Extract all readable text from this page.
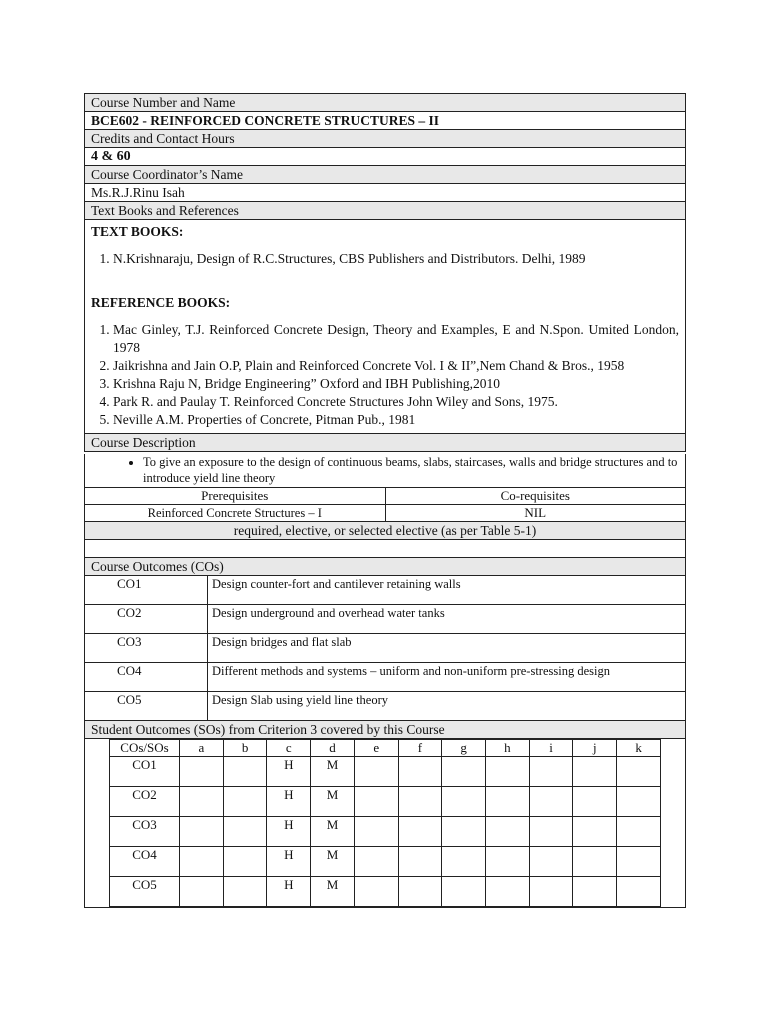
Course Number and Name
BCE602 - REINFORCED CONCRETE STRUCTURES – II
Credits and Contact Hours
4 & 60
Course Coordinator’s Name
Ms.R.J.Rinu Isah
Text Books and References
TEXT BOOKS:
1. N.Krishnaraju, Design of R.C.Structures, CBS Publishers and Distributors. Delhi, 1989
REFERENCE BOOKS:
1. Mac Ginley, T.J. Reinforced Concrete Design, Theory and Examples, E and N.Spon. Umited London, 1978
2. Jaikrishna and Jain O.P, Plain and Reinforced Concrete Vol. I & II”,Nem Chand & Bros., 1958
3. Krishna Raju N, Bridge Engineering” Oxford and IBH Publishing,2010
4. Park R. and Paulay T. Reinforced Concrete Structures John Wiley and Sons, 1975.
5. Neville A.M. Properties of Concrete, Pitman Pub., 1981
Course Description
• To give an exposure to the design of continuous beams, slabs, staircases, walls and bridge structures and to introduce yield line theory
Prerequisites	Co-requisites
Reinforced Concrete Structures – I	NIL
required, elective, or selected elective (as per Table 5-1)
Course Outcomes (COs)
CO1	Design counter-fort and cantilever retaining walls
CO2	Design underground and overhead water tanks
CO3	Design bridges and flat slab
CO4	Different methods and systems – uniform and non-uniform pre-stressing design
CO5	Design Slab using yield line theory
Student Outcomes (SOs) from Criterion 3 covered by this Course
COs/SOs	a	b	c	d	e	f	g	h	i	j	k
CO1			H	M							
CO2			H	M							
CO3			H	M							
CO4			H	M							
CO5			H	M							
